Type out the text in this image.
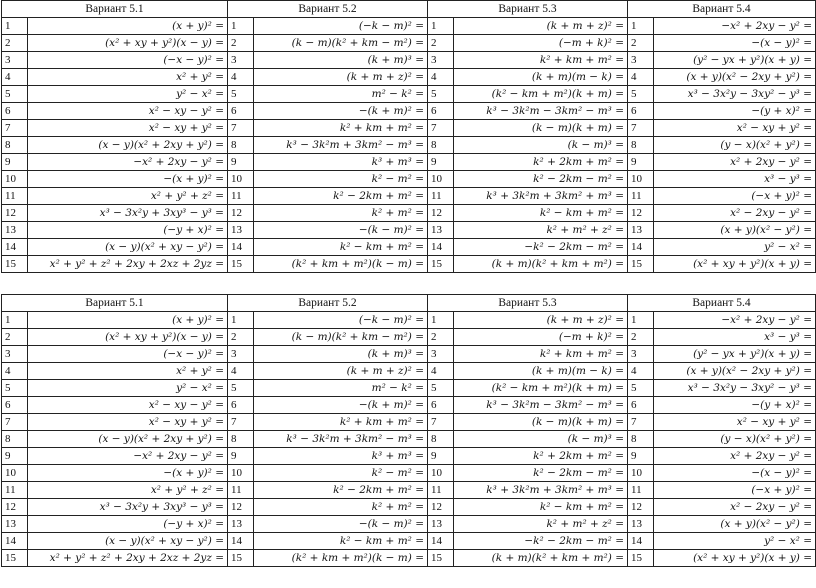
Вариант 5.1		Вариант 5.2		Вариант 5.3		Вариант 5.4	
1	(x + y)² =	1	(−k − m)² =	1	(k + m + z)² =	1	−x² + 2xy − y² =
2	(x² + xy + y²)(x − y) =	2	(k − m)(k² + km − m²) =	2	(−m + k)² =	2	−(x − y)² =
3	(−x − y)² =	3	(k + m)³ =	3	k² + km + m² =	3	(y² − yx + y²)(x + y) =
4	x² + y² =	4	(k + m + z)² =	4	(k + m)(m − k) =	4	(x + y)(x² − 2xy + y²) =
5	y² − x² =	5	m² − k² =	5	(k² − km + m²)(k + m) =	5	x³ − 3x²y − 3xy² − y³ =
6	x² − xy − y² =	6	−(k + m)² =	6	k³ − 3k²m − 3km² − m³ =	6	−(y + x)² =
7	x² − xy + y² =	7	k² + km + m² =	7	(k − m)(k + m) =	7	x² − xy + y² =
8	(x − y)(x² + 2xy + y²) =	8	k³ − 3k²m + 3km² − m³ =	8	(k − m)³ =	8	(y − x)(x² + y²) =
9	−x² + 2xy − y² =	9	k³ + m³ =	9	k² + 2km + m² =	9	x² + 2xy − y² =
10	−(x + y)² =	10	k² − m² =	10	k² − 2km − m² =	10	x³ − y³ =
11	x² + y² + z² =	11	k² − 2km + m² =	11	k³ + 3k²m + 3km² + m³ =	11	(−x + y)² =
12	x³ − 3x²y + 3xy³ − y³ =	12	k² + m² =	12	k² − km + m² =	12	x² − 2xy − y² =
13	(−y + x)² =	13	−(k − m)² =	13	k² + m² + z² =	13	(x + y)(x² − y²) =
14	(x − y)(x² + xy − y²) =	14	k² − km + m² =	14	−k² − 2km − m² =	14	y² − x² =
15	x² + y² + z² + 2xy + 2xz + 2yz =	15	(k² + km + m²)(k − m) =	15	(k + m)(k² + km + m²) =	15	(x² + xy + y²)(x + y) =
Вариант 5.1		Вариант 5.2		Вариант 5.3		Вариант 5.4	
1	(x + y)² =	1	(−k − m)² =	1	(k + m + z)² =	1	−x² + 2xy − y² =
2	(x² + xy + y²)(x − y) =	2	(k − m)(k² + km − m²) =	2	(−m + k)² =	2	x³ − y³ =
3	(−x − y)² =	3	(k + m)³ =	3	k² + km + m² =	3	(y² − yx + y²)(x + y) =
4	x² + y² =	4	(k + m + z)² =	4	(k + m)(m − k) =	4	(x + y)(x² − 2xy + y²) =
5	y² − x² =	5	m² − k² =	5	(k² − km + m²)(k + m) =	5	x³ − 3x²y − 3xy² − y³ =
6	x² − xy − y² =	6	−(k + m)² =	6	k³ − 3k²m − 3km² − m³ =	6	−(y + x)² =
7	x² − xy + y² =	7	k² + km + m² =	7	(k − m)(k + m) =	7	x² − xy + y² =
8	(x − y)(x² + 2xy + y²) =	8	k³ − 3k²m + 3km² − m³ =	8	(k − m)³ =	8	(y − x)(x² + y²) =
9	−x² + 2xy − y² =	9	k³ + m³ =	9	k² + 2km + m² =	9	x² + 2xy − y² =
10	−(x + y)² =	10	k² − m² =	10	k² − 2km − m² =	10	−(x − y)² =
11	x² + y² + z² =	11	k² − 2km + m² =	11	k³ + 3k²m + 3km² + m³ =	11	(−x + y)² =
12	x³ − 3x²y + 3xy³ − y³ =	12	k² + m² =	12	k² − km + m² =	12	x² − 2xy − y² =
13	(−y + x)² =	13	−(k − m)² =	13	k² + m² + z² =	13	(x + y)(x² − y²) =
14	(x − y)(x² + xy − y²) =	14	k² − km + m² =	14	−k² − 2km − m² =	14	y² − x² =
15	x² + y² + z² + 2xy + 2xz + 2yz =	15	(k² + km + m²)(k − m) =	15	(k + m)(k² + km + m²) =	15	(x² + xy + y²)(x + y) =
